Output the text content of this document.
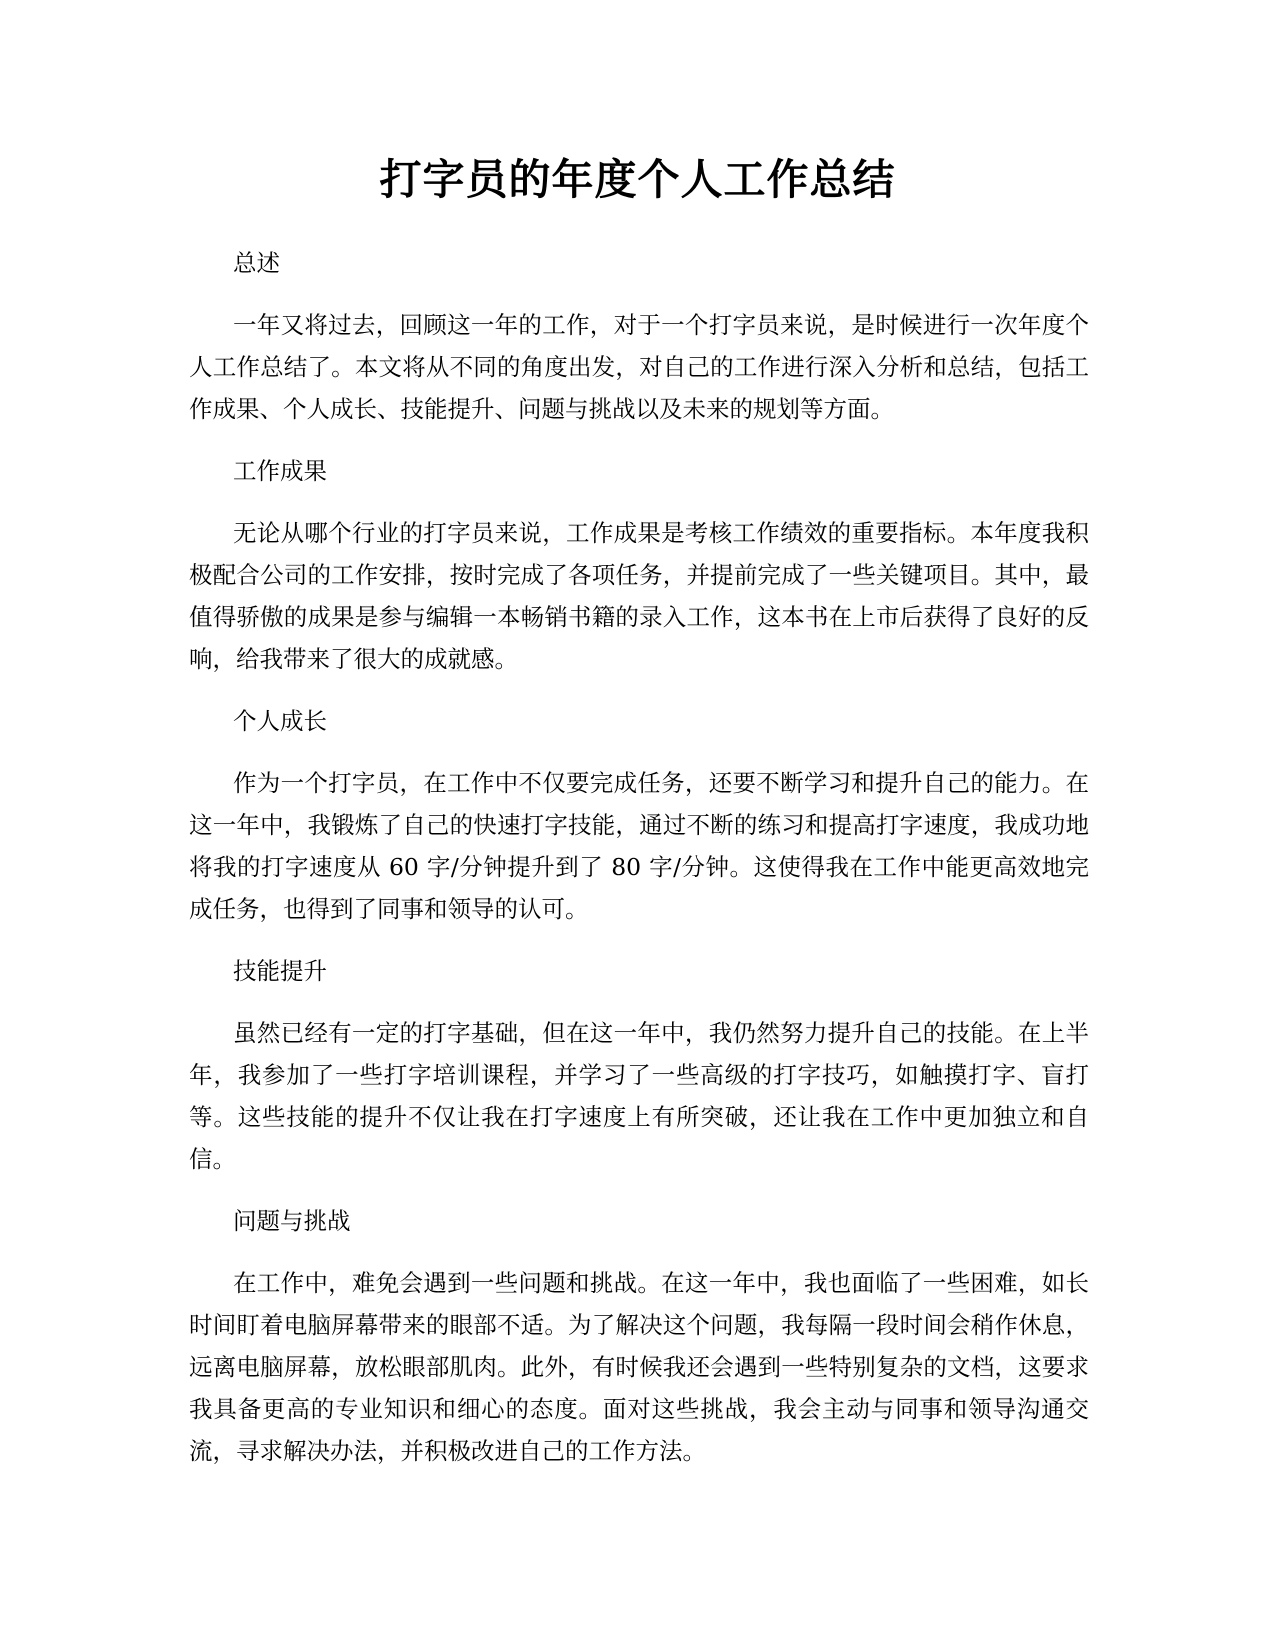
打字员的年度个人工作总结

总述

一年又将过去，回顾这一年的工作，对于一个打字员来说，是时候进行一次年度个人工作总结了。本文将从不同的角度出发，对自己的工作进行深入分析和总结，包括工作成果、个人成长、技能提升、问题与挑战以及未来的规划等方面。

工作成果

无论从哪个行业的打字员来说，工作成果是考核工作绩效的重要指标。本年度我积极配合公司的工作安排，按时完成了各项任务，并提前完成了一些关键项目。其中，最值得骄傲的成果是参与编辑一本畅销书籍的录入工作，这本书在上市后获得了良好的反响，给我带来了很大的成就感。

个人成长

作为一个打字员，在工作中不仅要完成任务，还要不断学习和提升自己的能力。在这一年中，我锻炼了自己的快速打字技能，通过不断的练习和提高打字速度，我成功地将我的打字速度从 60 字/分钟提升到了 80 字/分钟。这使得我在工作中能更高效地完成任务，也得到了同事和领导的认可。

技能提升

虽然已经有一定的打字基础，但在这一年中，我仍然努力提升自己的技能。在上半年，我参加了一些打字培训课程，并学习了一些高级的打字技巧，如触摸打字、盲打等。这些技能的提升不仅让我在打字速度上有所突破，还让我在工作中更加独立和自信。

问题与挑战

在工作中，难免会遇到一些问题和挑战。在这一年中，我也面临了一些困难，如长时间盯着电脑屏幕带来的眼部不适。为了解决这个问题，我每隔一段时间会稍作休息，远离电脑屏幕，放松眼部肌肉。此外，有时候我还会遇到一些特别复杂的文档，这要求我具备更高的专业知识和细心的态度。面对这些挑战，我会主动与同事和领导沟通交流，寻求解决办法，并积极改进自己的工作方法。
